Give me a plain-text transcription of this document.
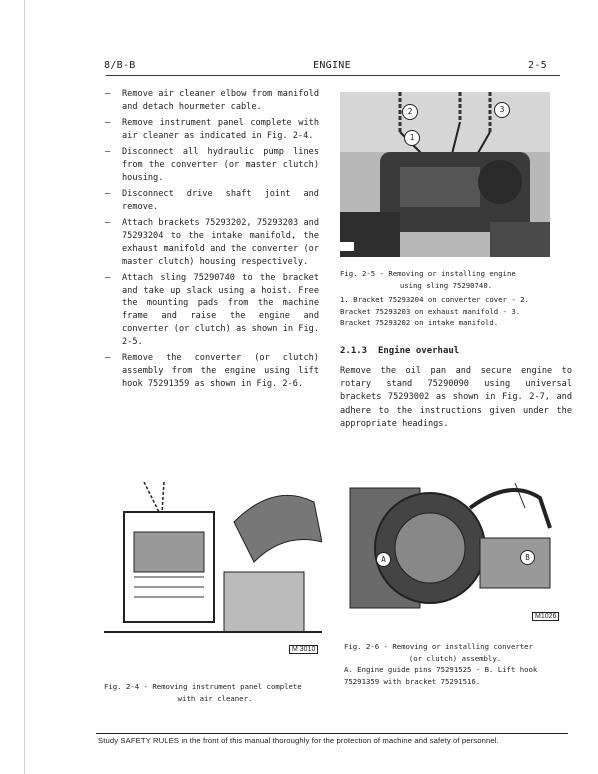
8/B-B	ENGINE	2-5
– Remove air cleaner elbow from manifold and detach hourmeter cable.
– Remove instrument panel complete with air cleaner as indicated in Fig. 2-4.
– Disconnect all hydraulic pump lines from the converter (or master clutch) housing.
– Disconnect drive shaft joint and remove.
– Attach brackets 75293202, 75293203 and 75293204 to the intake manifold, the exhaust manifold and the converter (or master clutch) housing respectively.
– Attach sling 75290740 to the bracket and take up slack using a hoist. Free the mounting pads from the machine frame and raise the engine and converter (or clutch) as shown in Fig. 2-5.
– Remove the converter (or clutch) assembly from the engine using lift hook 75291359 as shown in Fig. 2-6.
2	3
1
Fig. 2-5 - Removing or installing engine
using sling 75290740.
1. Bracket 75293204 on converter cover - 2.
Bracket 75293203 on exhaust manifold - 3.
Bracket 75293202 on intake manifold.
2.1.3 Engine overhaul
Remove the oil pan and secure engine to rotary stand 75290090 using universal brackets 75293002 as shown in Fig. 2-7, and adhere to the instructions given under the appropriate headings.
M 3010
Fig. 2-4 - Removing instrument panel complete
with air cleaner.
A	B
M1026
Fig. 2-6 - Removing or installing converter
(or clutch) assembly.
A. Engine guide pins 75291525 - B. Lift hook
75291359 with bracket 75291516.
Study SAFETY RULES in the front of this manual thoroughly for the protection of machine and safety of personnel.
